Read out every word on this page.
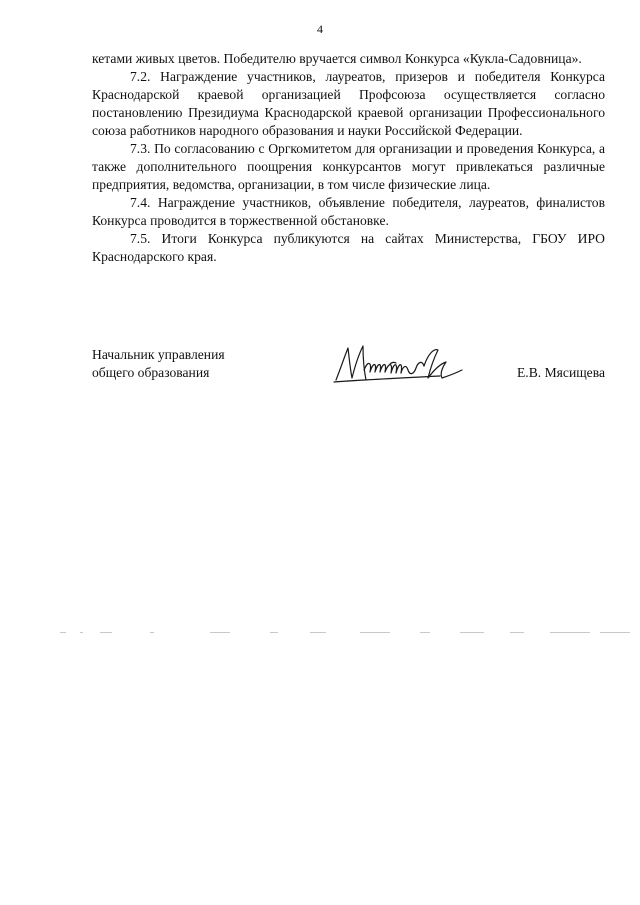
4

кетами живых цветов. Победителю вручается символ Конкурса «Кукла-Садовница».

7.2. Награждение участников, лауреатов, призеров и победителя Конкурса Краснодарской краевой организацией Профсоюза осуществляется согласно постановлению Президиума Краснодарской краевой организации Профессионального союза работников народного образования и науки Российской Федерации.

7.3. По согласованию с Оргкомитетом для организации и проведения Конкурса, а также дополнительного поощрения конкурсантов могут привлекаться различные предприятия, ведомства, организации, в том числе физические лица.

7.4. Награждение участников, объявление победителя, лауреатов, финалистов Конкурса проводится в торжественной обстановке.

7.5. Итоги Конкурса публикуются на сайтах Министерства, ГБОУ ИРО Краснодарского края.

Начальник управления
общего образования	Е.В. Мясищева
